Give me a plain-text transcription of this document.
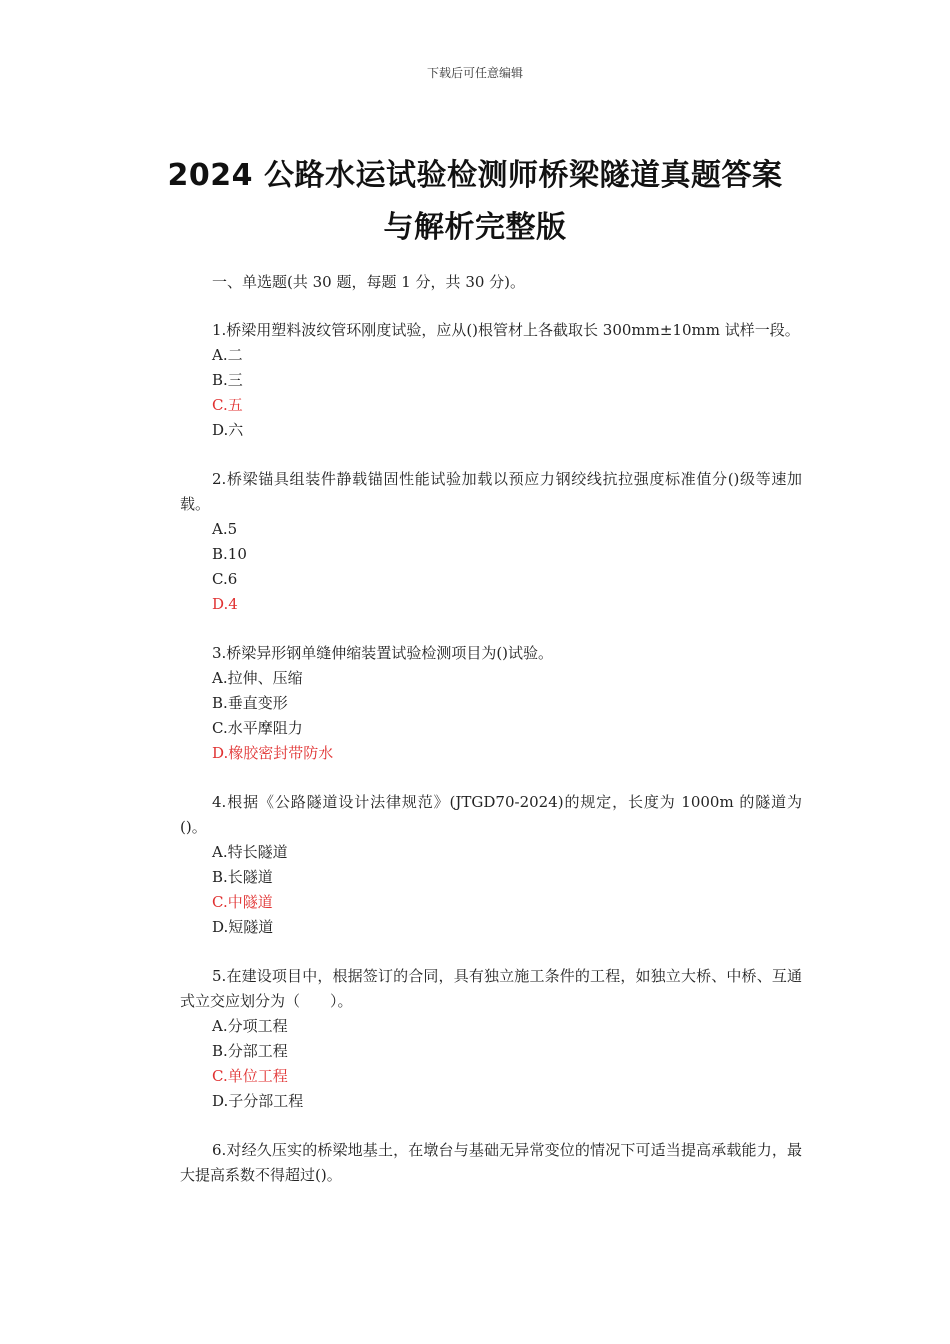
下载后可任意编辑
2024 公路水运试验检测师桥梁隧道真题答案
与解析完整版
一、单选题(共 30 题，每题 1 分，共 30 分)。
1.桥梁用塑料波纹管环刚度试验，应从()根管材上各截取长 300mm±10mm 试样一段。
A.二
B.三
C.五
D.六
2.桥梁锚具组装件静载锚固性能试验加载以预应力钢绞线抗拉强度标准值分()级等速加载。
A.5
B.10
C.6
D.4
3.桥梁异形钢单缝伸缩装置试验检测项目为()试验。
A.拉伸、压缩
B.垂直变形
C.水平摩阻力
D.橡胶密封带防水
4.根据《公路隧道设计法律规范》(JTGD70-2024)的规定，长度为 1000m 的隧道为()。
A.特长隧道
B.长隧道
C.中隧道
D.短隧道
5.在建设项目中，根据签订的合同，具有独立施工条件的工程，如独立大桥、中桥、互通式立交应划分为（　　）。
A.分项工程
B.分部工程
C.单位工程
D.子分部工程
6.对经久压实的桥梁地基土，在墩台与基础无异常变位的情况下可适当提高承载能力，最大提高系数不得超过()。
